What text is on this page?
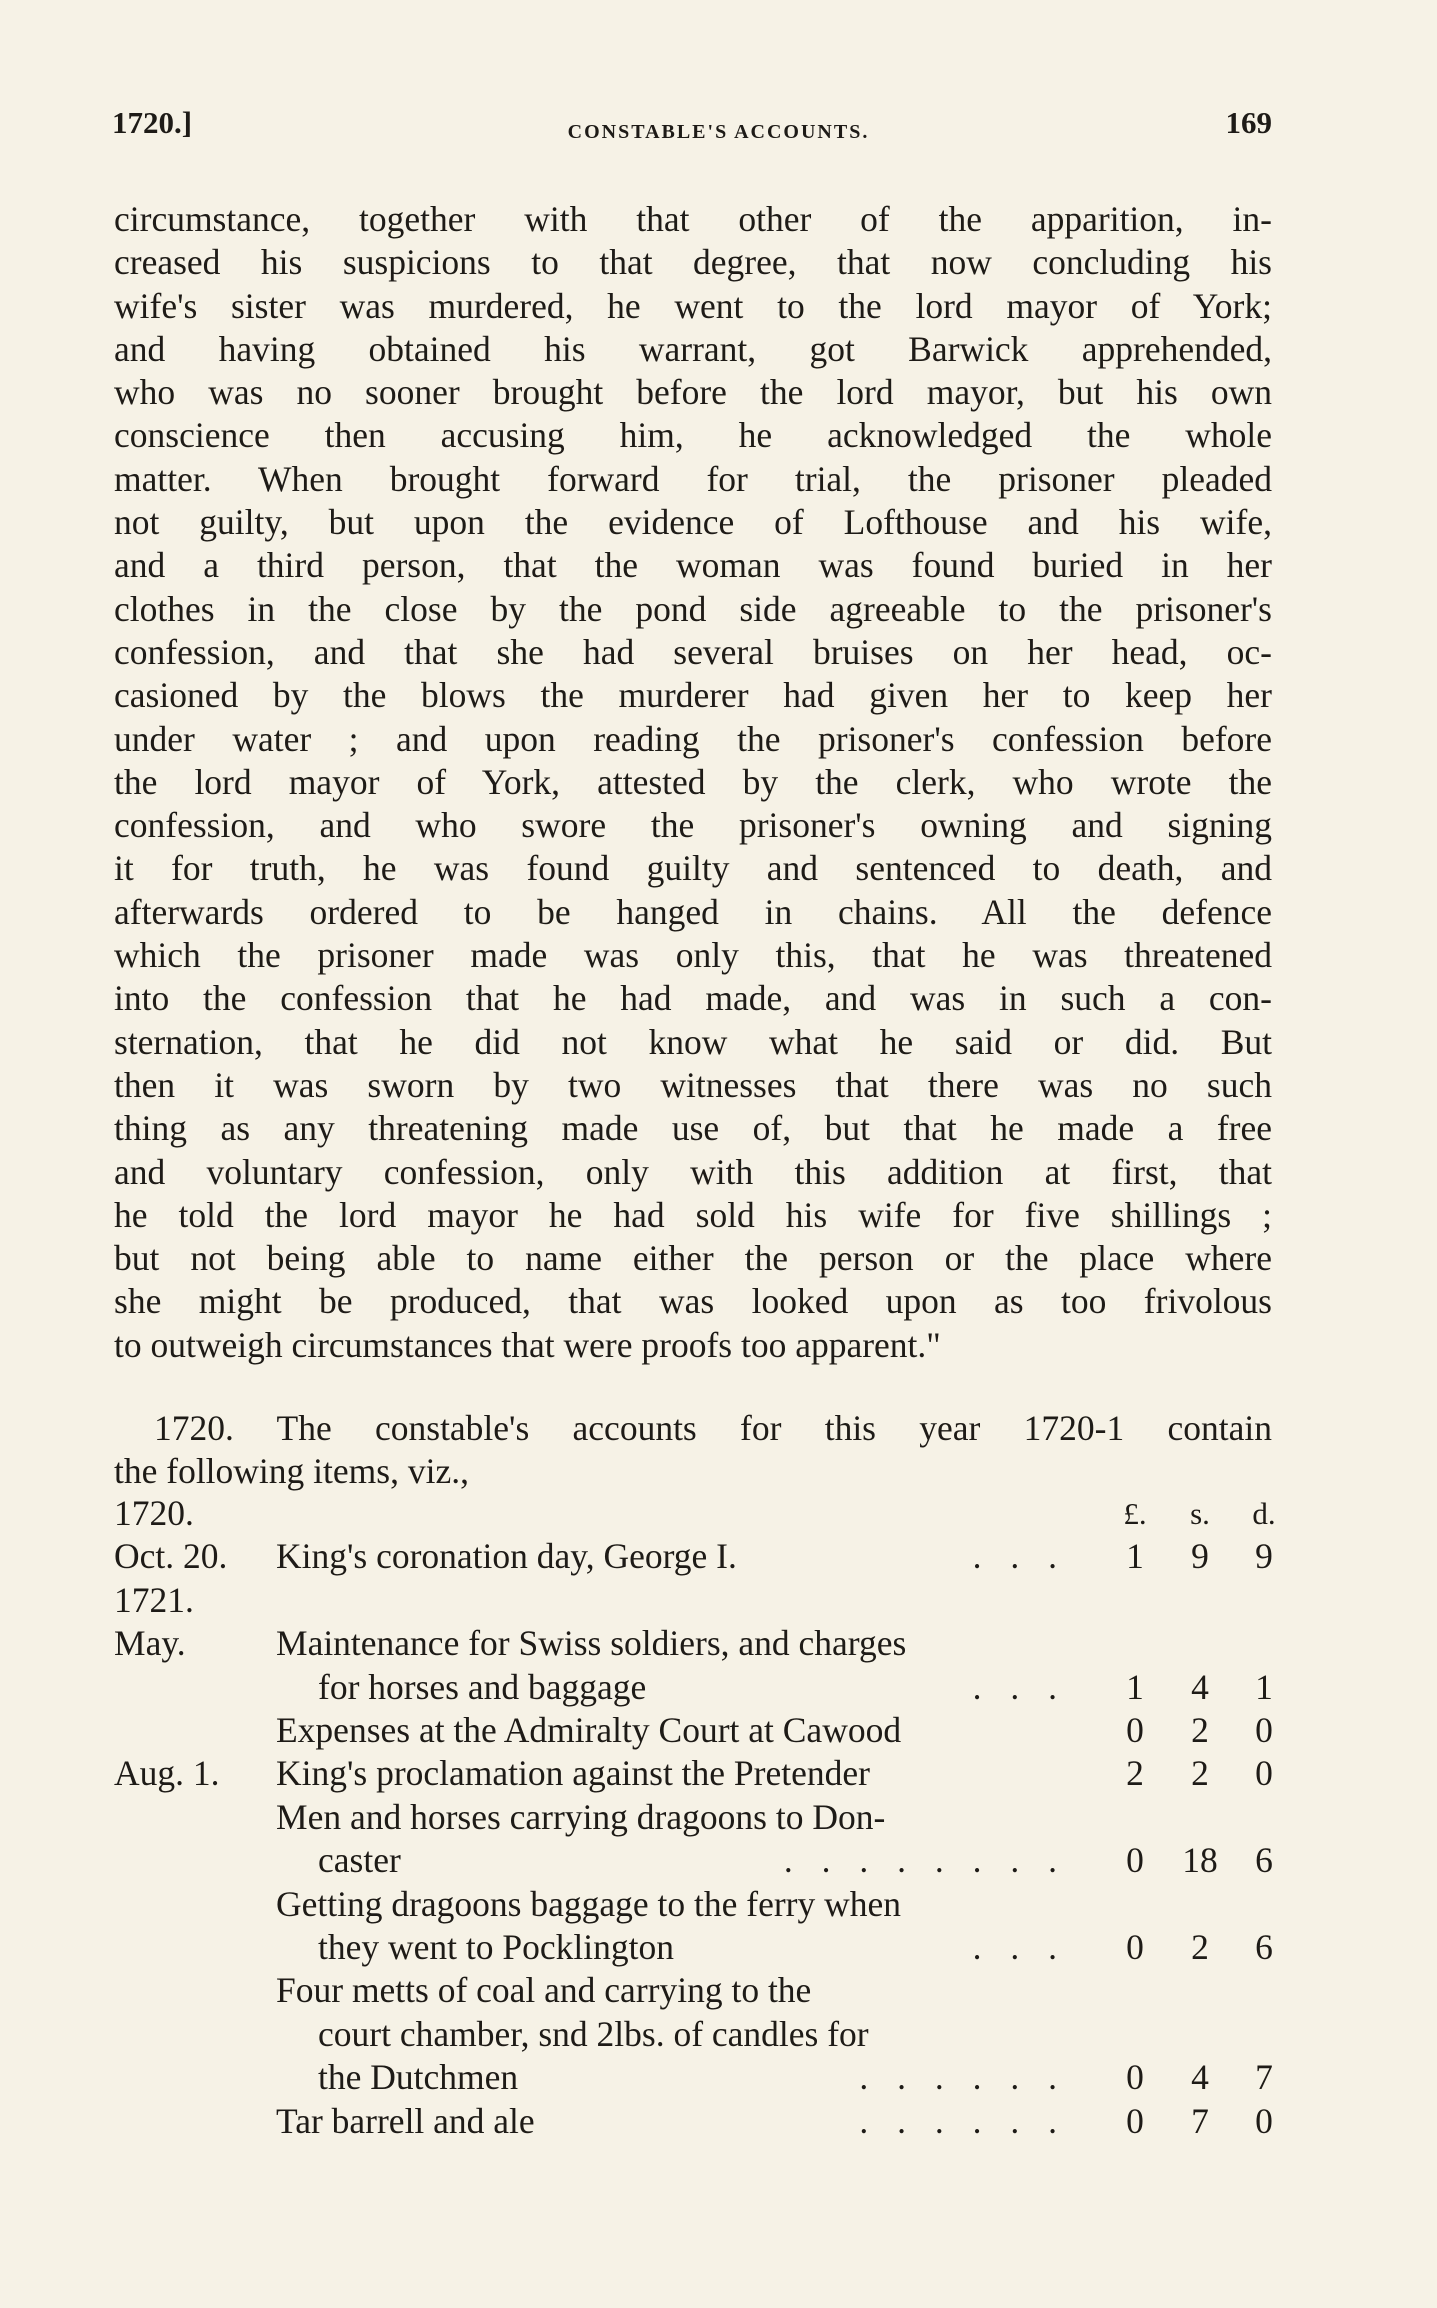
1720.]	CONSTABLE'S ACCOUNTS.	169
circumstance, together with that other of the apparition, in-
creased his suspicions to that degree, that now concluding his
wife's sister was murdered, he went to the lord mayor of York;
and having obtained his warrant, got Barwick apprehended,
who was no sooner brought before the lord mayor, but his own
conscience then accusing him, he acknowledged the whole
matter. When brought forward for trial, the prisoner pleaded
not guilty, but upon the evidence of Lofthouse and his wife,
and a third person, that the woman was found buried in her
clothes in the close by the pond side agreeable to the prisoner's
confession, and that she had several bruises on her head, oc-
casioned by the blows the murderer had given her to keep her
under water ; and upon reading the prisoner's confession before
the lord mayor of York, attested by the clerk, who wrote the
confession, and who swore the prisoner's owning and signing
it for truth, he was found guilty and sentenced to death, and
afterwards ordered to be hanged in chains. All the defence
which the prisoner made was only this, that he was threatened
into the confession that he had made, and was in such a con-
sternation, that he did not know what he said or did. But
then it was sworn by two witnesses that there was no such
thing as any threatening made use of, but that he made a free
and voluntary confession, only with this addition at first, that
he told the lord mayor he had sold his wife for five shillings ;
but not being able to name either the person or the place where
she might be produced, that was looked upon as too frivolous
to outweigh circumstances that were proofs too apparent."
1720. The constable's accounts for this year 1720-1 contain
the following items, viz.,
1720.	£.	s.	d.
Oct. 20. King's coronation day, George I.	. . .	1	9	9
1721.
May.	Maintenance for Swiss soldiers, and charges
for horses and baggage	. . .	1	4	1
Expenses at the Admiralty Court at Cawood	0	2	0
Aug. 1. King's proclamation against the Pretender	2	2	0
Men and horses carrying dragoons to Don-
caster	. . . . . . . .	0	18	6
Getting dragoons baggage to the ferry when
they went to Pocklington	. . .	0	2	6
Four metts of coal and carrying to the
court chamber, snd 2lbs. of candles for
the Dutchmen	. . . . . .	0	4	7
Tar barrell and ale	. . . . . .	0	7	0
